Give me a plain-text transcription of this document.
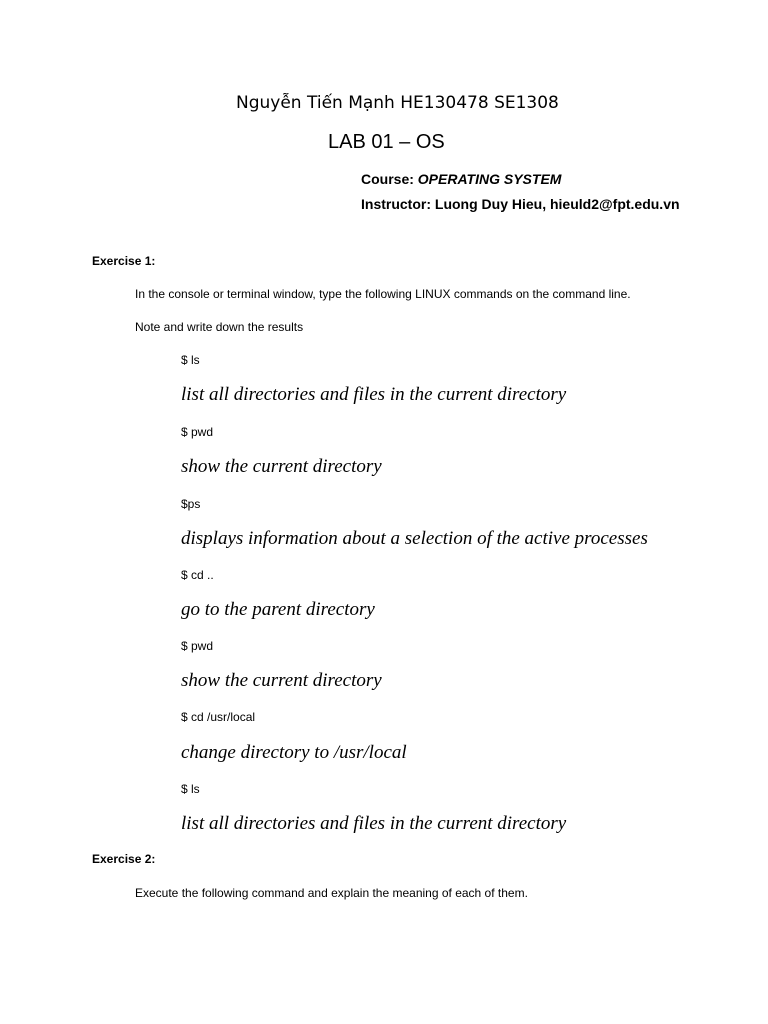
Nguyễn Tiến Mạnh HE130478 SE1308
LAB 01 – OS
Course: OPERATING SYSTEM
Instructor: Luong Duy Hieu, hieuld2@fpt.edu.vn
Exercise 1:
In the console or terminal window, type the following LINUX commands on the command line.
Note and write down the results
$ ls
list all directories and files in the current directory
$ pwd
show the current directory
$ps
displays information about a selection of the active processes
$ cd ..
go to the parent directory
$ pwd
show the current directory
$ cd /usr/local
change directory to /usr/local
$ ls
list all directories and files in the current directory
Exercise 2:
Execute the following command and explain the meaning of each of them.
